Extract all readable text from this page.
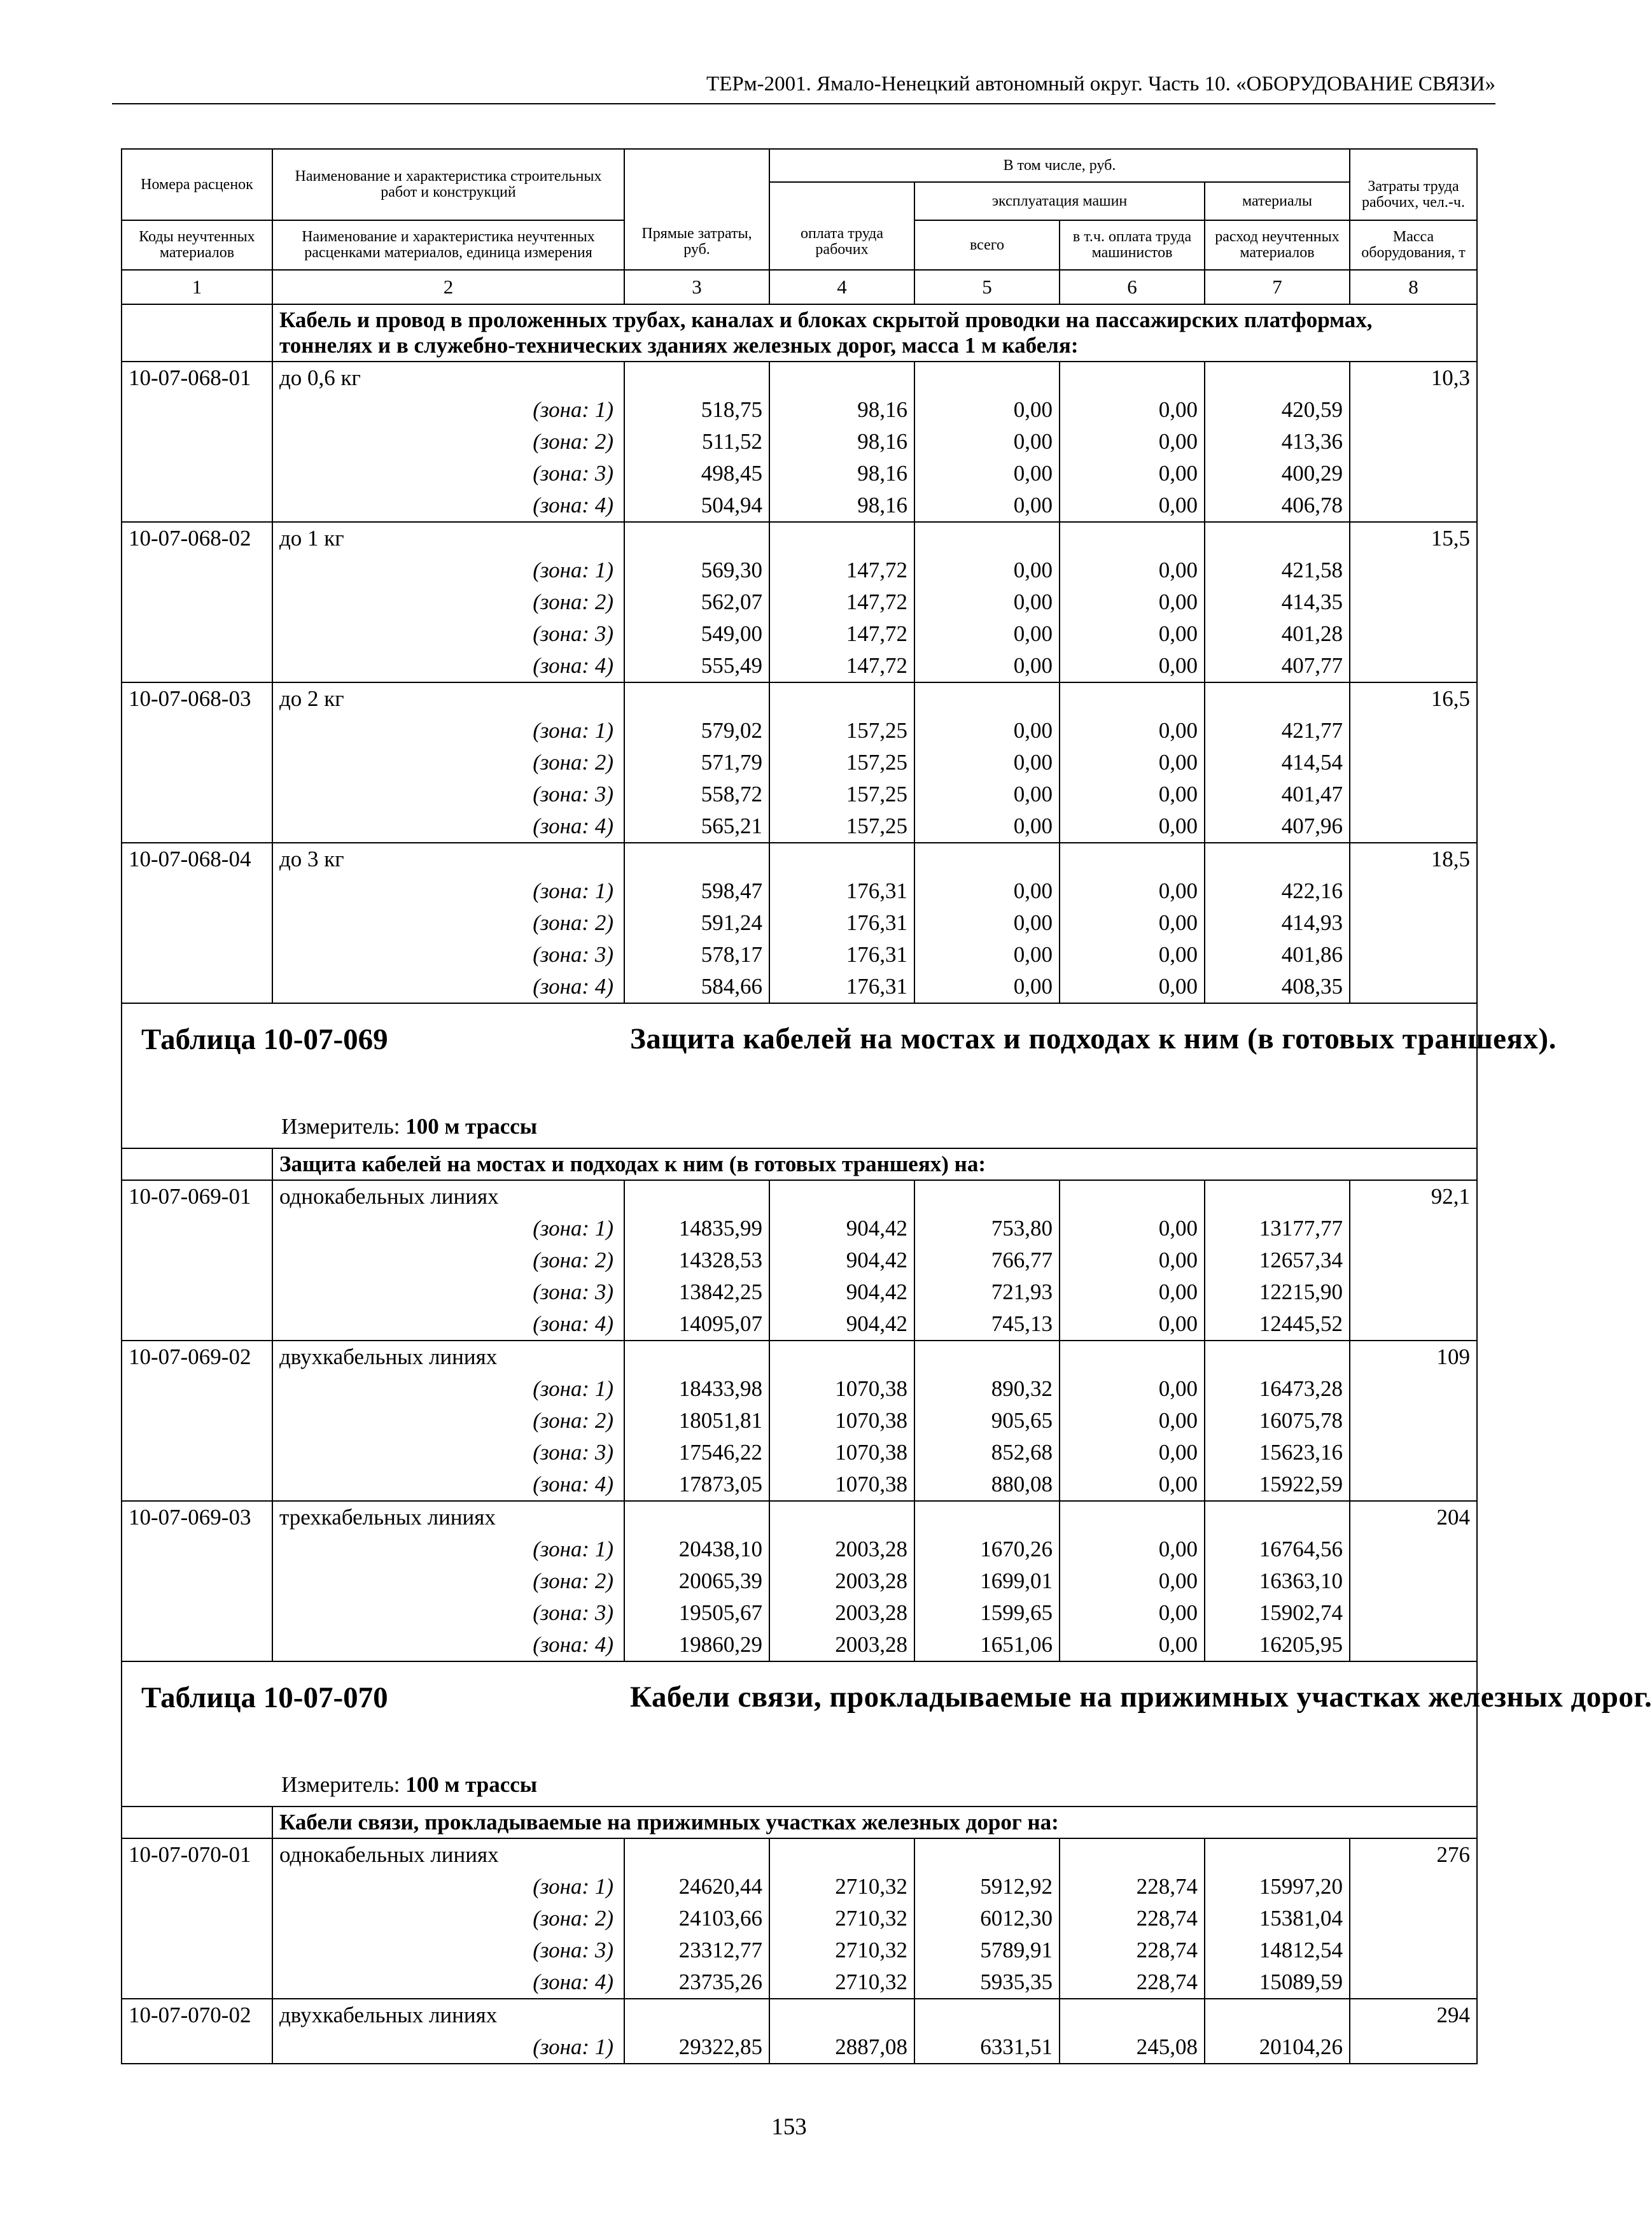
ТЕРм-2001. Ямало-Ненецкий автономный округ. Часть 10. «ОБОРУДОВАНИЕ СВЯЗИ»
Номера расценок	Наименование и характеристика строительных работ и конструкций	Прямые затраты, руб.	В том числе, руб.				Затраты труда рабочих, чел.-ч.
			оплата труда рабочих	эксплуатация машин		материалы	
Коды неучтенных материалов	Наименование и характеристика неучтенных расценками материалов, единица измерения			всего	в т.ч. оплата труда машинистов	расход неучтенных материалов	Масса оборудования, т
1	2	3	4	5	6	7	8
	Кабель и провод в проложенных трубах, каналах и блоках скрытой проводки на пассажирских платформах, тоннелях и в служебно-технических зданиях железных дорог, масса 1 м кабеля:						
10-07-068-01	до 0,6 кг						10,3
	(зона: 1)	518,75	98,16	0,00	0,00	420,59	
	(зона: 2)	511,52	98,16	0,00	0,00	413,36	
	(зона: 3)	498,45	98,16	0,00	0,00	400,29	
	(зона: 4)	504,94	98,16	0,00	0,00	406,78	
10-07-068-02	до 1 кг						15,5
	(зона: 1)	569,30	147,72	0,00	0,00	421,58	
	(зона: 2)	562,07	147,72	0,00	0,00	414,35	
	(зона: 3)	549,00	147,72	0,00	0,00	401,28	
	(зона: 4)	555,49	147,72	0,00	0,00	407,77	
10-07-068-03	до 2 кг						16,5
	(зона: 1)	579,02	157,25	0,00	0,00	421,77	
	(зона: 2)	571,79	157,25	0,00	0,00	414,54	
	(зона: 3)	558,72	157,25	0,00	0,00	401,47	
	(зона: 4)	565,21	157,25	0,00	0,00	407,96	
10-07-068-04	до 3 кг						18,5
	(зона: 1)	598,47	176,31	0,00	0,00	422,16	
	(зона: 2)	591,24	176,31	0,00	0,00	414,93	
	(зона: 3)	578,17	176,31	0,00	0,00	401,86	
	(зона: 4)	584,66	176,31	0,00	0,00	408,35	

Таблица 10-07-069 Защита кабелей на мостах и подходах к ним (в готовых траншеях).
Измеритель: 100 м трассы							

	Защита кабелей на мостах и подходах к ним (в готовых траншеях) на:						
10-07-069-01	однокабельных линиях						92,1
	(зона: 1)	14835,99	904,42	753,80	0,00	13177,77	
	(зона: 2)	14328,53	904,42	766,77	0,00	12657,34	
	(зона: 3)	13842,25	904,42	721,93	0,00	12215,90	
	(зона: 4)	14095,07	904,42	745,13	0,00	12445,52	
10-07-069-02	двухкабельных линиях						109
	(зона: 1)	18433,98	1070,38	890,32	0,00	16473,28	
	(зона: 2)	18051,81	1070,38	905,65	0,00	16075,78	
	(зона: 3)	17546,22	1070,38	852,68	0,00	15623,16	
	(зона: 4)	17873,05	1070,38	880,08	0,00	15922,59	
10-07-069-03	трехкабельных линиях						204
	(зона: 1)	20438,10	2003,28	1670,26	0,00	16764,56	
	(зона: 2)	20065,39	2003,28	1699,01	0,00	16363,10	
	(зона: 3)	19505,67	2003,28	1599,65	0,00	15902,74	
	(зона: 4)	19860,29	2003,28	1651,06	0,00	16205,95	

Таблица 10-07-070 Кабели связи, прокладываемые на прижимных участках железных дорог.
Измеритель: 100 м трассы							

	Кабели связи, прокладываемые на прижимных участках железных дорог на:						
10-07-070-01	однокабельных линиях						276
	(зона: 1)	24620,44	2710,32	5912,92	228,74	15997,20	
	(зона: 2)	24103,66	2710,32	6012,30	228,74	15381,04	
	(зона: 3)	23312,77	2710,32	5789,91	228,74	14812,54	
	(зона: 4)	23735,26	2710,32	5935,35	228,74	15089,59	
10-07-070-02	двухкабельных линиях						294
	(зона: 1)	29322,85	2887,08	6331,51	245,08	20104,26	
153
